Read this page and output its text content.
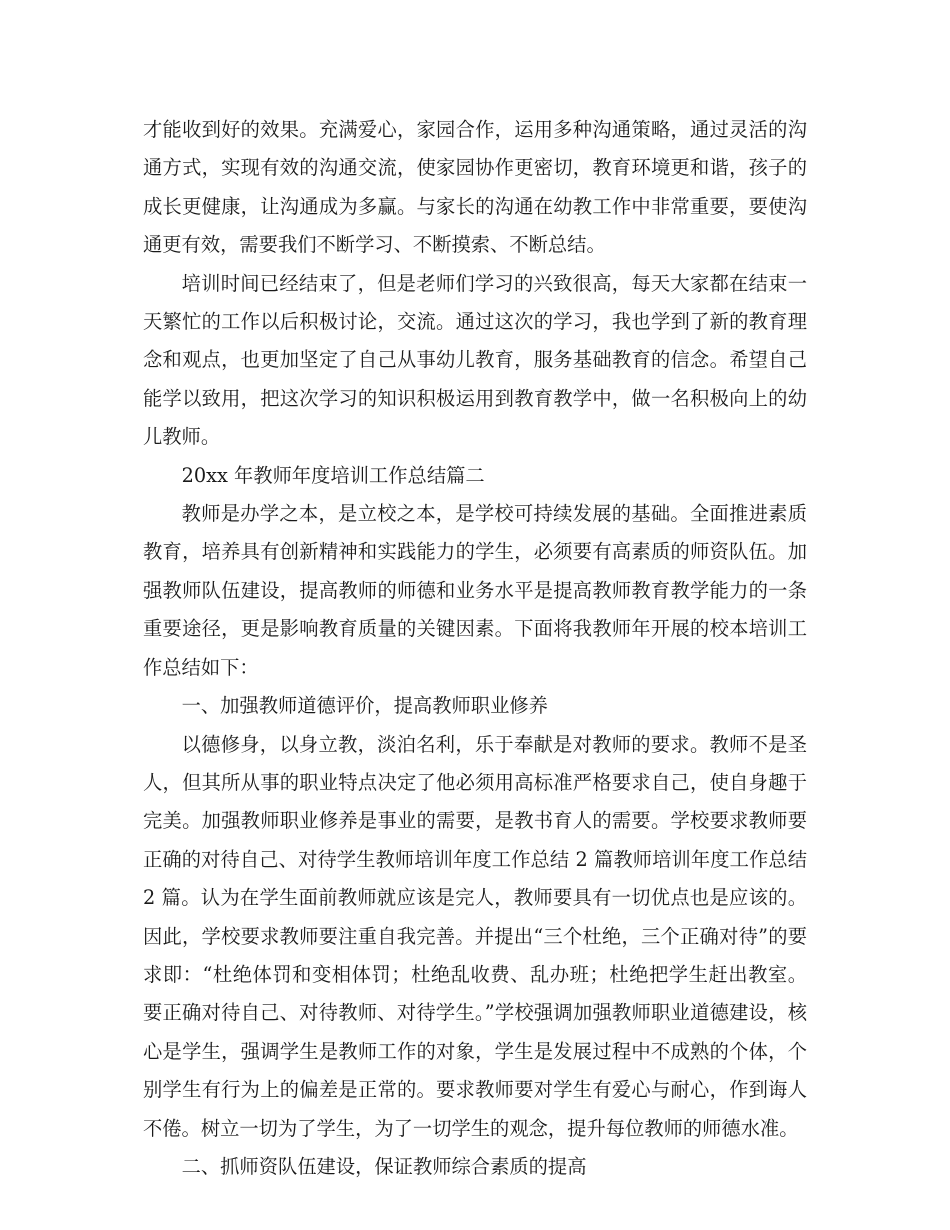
才能收到好的效果。充满爱心，家园合作，运用多种沟通策略，通过灵活的沟通方式，实现有效的沟通交流，使家园协作更密切，教育环境更和谐，孩子的成长更健康，让沟通成为多赢。与家长的沟通在幼教工作中非常重要，要使沟通更有效，需要我们不断学习、不断摸索、不断总结。

培训时间已经结束了，但是老师们学习的兴致很高，每天大家都在结束一天繁忙的工作以后积极讨论，交流。通过这次的学习，我也学到了新的教育理念和观点，也更加坚定了自己从事幼儿教育，服务基础教育的信念。希望自己能学以致用，把这次学习的知识积极运用到教育教学中，做一名积极向上的幼儿教师。

20xx 年教师年度培训工作总结篇二

教师是办学之本，是立校之本，是学校可持续发展的基础。全面推进素质教育，培养具有创新精神和实践能力的学生，必须要有高素质的师资队伍。加强教师队伍建设，提高教师的师德和业务水平是提高教师教育教学能力的一条重要途径，更是影响教育质量的关键因素。下面将我教师年开展的校本培训工作总结如下：

一、加强教师道德评价，提高教师职业修养

以德修身，以身立教，淡泊名利，乐于奉献是对教师的要求。教师不是圣人，但其所从事的职业特点决定了他必须用高标准严格要求自己，使自身趣于完美。加强教师职业修养是事业的需要，是教书育人的需要。学校要求教师要正确的对待自己、对待学生教师培训年度工作总结 2 篇教师培训年度工作总结 2 篇。认为在学生面前教师就应该是完人，教师要具有一切优点也是应该的。因此，学校要求教师要注重自我完善。并提出“三个杜绝，三个正确对待”的要求即：“杜绝体罚和变相体罚；杜绝乱收费、乱办班；杜绝把学生赶出教室。要正确对待自己、对待教师、对待学生。”学校强调加强教师职业道德建设，核心是学生，强调学生是教师工作的对象，学生是发展过程中不成熟的个体，个别学生有行为上的偏差是正常的。要求教师要对学生有爱心与耐心，作到诲人不倦。树立一切为了学生，为了一切学生的观念，提升每位教师的师德水准。

二、抓师资队伍建设，保证教师综合素质的提高
